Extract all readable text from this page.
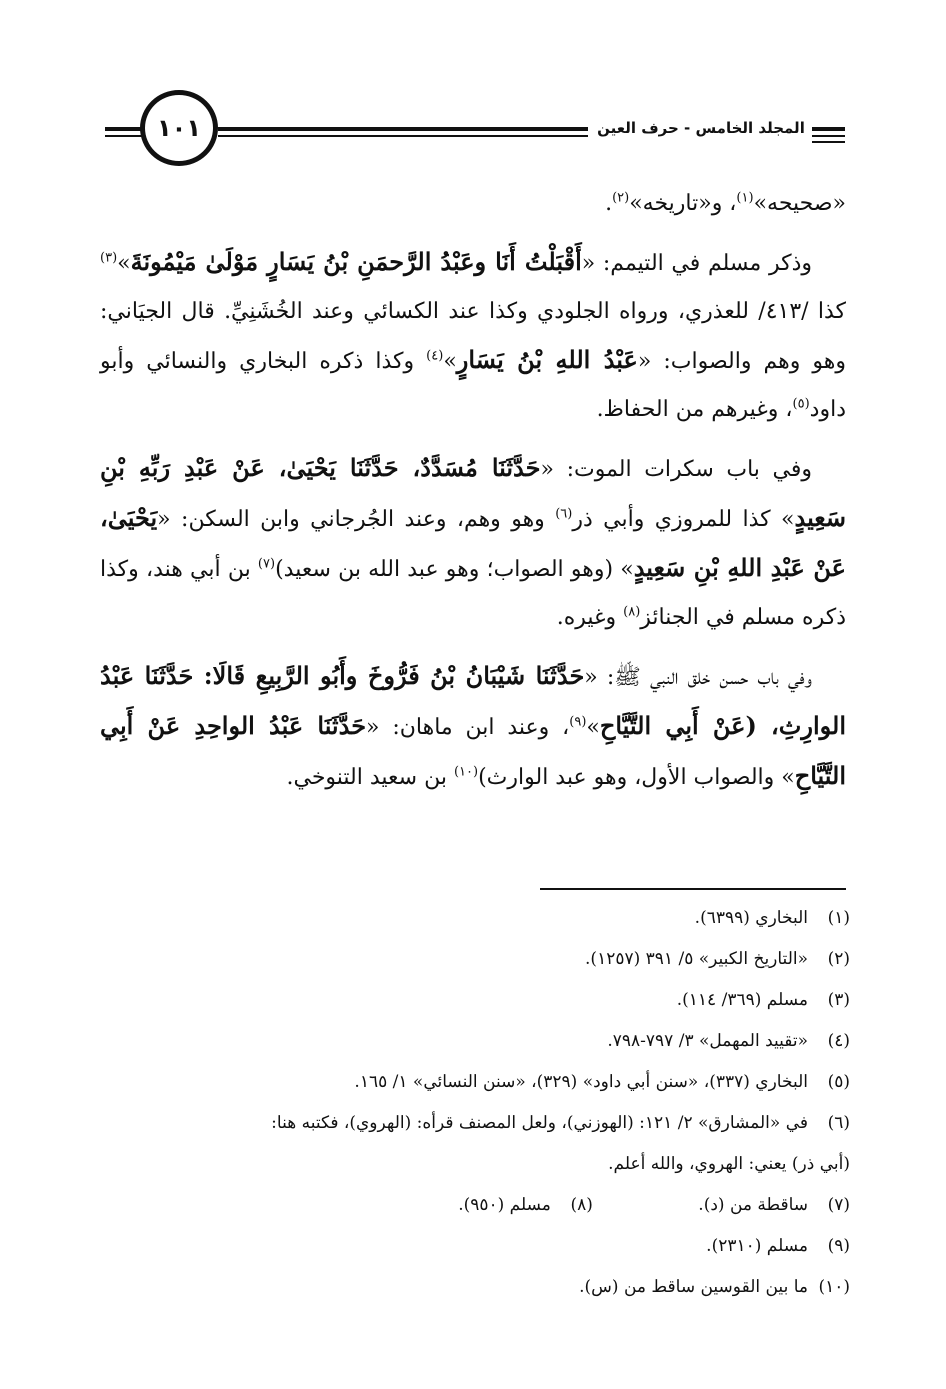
١٠١	المجلد الخامس - حرف العين

«صحيحه»$^{(١)}$، و«تاريخه»$^{(٢)}$.

وذكر مسلم في التيمم: «أَقْبَلْتُ أَنَا وعَبْدُ الرَّحمَنِ بْنُ يَسَارٍ مَوْلَىٰ مَيْمُونَةَ»$^{(٣)}$ كذا /٤١٣/ للعذري، ورواه الجلودي وكذا عند الكسائي وعند الخُشَنِيِّ. قال الجيَاني: وهو وهم والصواب: «عَبْدُ اللهِ بْنُ يَسَارٍ»$^{(٤)}$ وكذا ذكره البخاري والنسائي وأبو داود$^{(٥)}$، وغيرهم من الحفاظ.

وفي باب سكرات الموت: «حَدَّثَنَا مُسَدَّدٌ، حَدَّثَنَا يَحْيَىٰ، عَنْ عَبْدِ رَبِّهِ بْنِ سَعِيدٍ» كذا للمروزي وأبي ذر$^{(٦)}$ وهو وهم، وعند الجُرجاني وابن السكن: «يَحْيَىٰ، عَنْ عَبْدِ اللهِ بْنِ سَعِيدٍ» (وهو الصواب؛ وهو عبد الله بن سعيد)$^{(٧)}$ بن أبي هند، وكذا ذكره مسلم في الجنائز$^{(٨)}$ وغيره.

وفي باب حسن خلق النبي ﷺ: «حَدَّثَنَا شَيْبَانُ بْنُ فَرُّوخَ وأَبُو الرَّبِيعِ قَالَا: حَدَّثَنَا عَبْدُ الوارِثِ، (عَنْ أَبِي التَّيَّاحِ»$^{(٩)}$، وعند ابن ماهان: «حَدَّثَنَا عَبْدُ الواحِدِ عَنْ أَبِي التَّيَّاحِ» والصواب الأول، وهو عبد الوارث)$^{(١٠)}$ بن سعيد التنوخي.

(١)البخاري (٦٣٩٩).
(٢)«التاريخ الكبير» ٥/ ٣٩١ (١٢٥٧).
(٣)مسلم (٣٦٩/ ١١٤).
(٤)«تقييد المهمل» ٣/ ٧٩٧-٧٩٨.
(٥)البخاري (٣٣٧)، «سنن أبي داود» (٣٢٩)، «سنن النسائي» ١/ ١٦٥.
(٦)في «المشارق» ٢/ ١٢١: (الهوزني)، ولعل المصنف قرأه: (الهروي)، فكتبه هنا:
(أبي ذر) يعني: الهروي، والله أعلم.
(٧)ساقطة من (د). (٨)مسلم (٩٥٠).
(٩)مسلم (٢٣١٠).
(١٠)ما بين القوسين ساقط من (س).
